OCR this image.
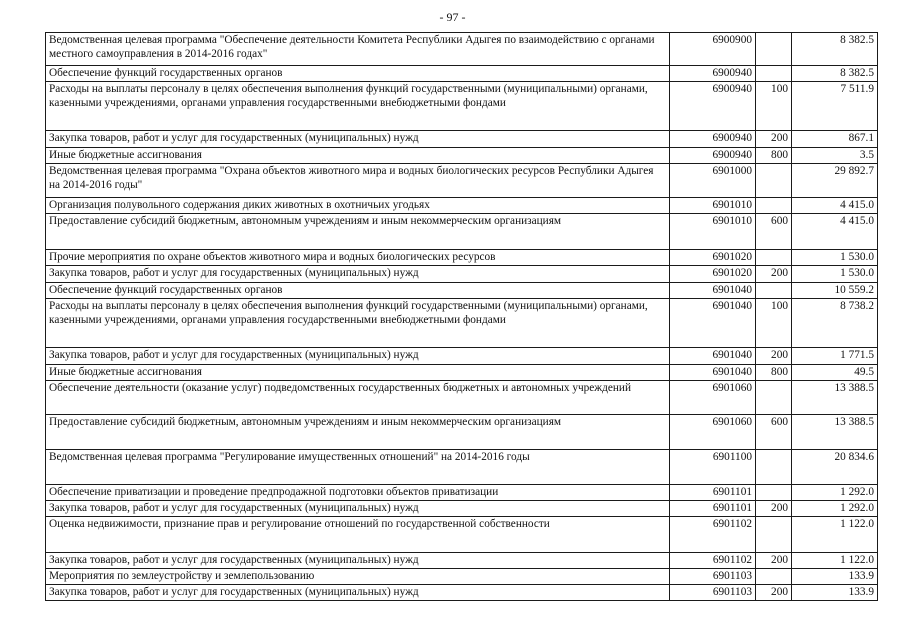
- 97 -
Ведомственная целевая программа "Обеспечение деятельности Комитета Республики Адыгея по взаимодействию с органами местного самоуправления в 2014-2016 годах"	6900900		8 382.5
Обеспечение функций государственных органов	6900940		8 382.5
Расходы на выплаты персоналу в целях обеспечения выполнения функций государственными (муниципальными) органами, казенными учреждениями, органами управления государственными внебюджетными фондами	6900940	100	7 511.9
Закупка товаров, работ и услуг для государственных (муниципальных) нужд	6900940	200	867.1
Иные бюджетные ассигнования	6900940	800	3.5
Ведомственная целевая программа "Охрана объектов животного мира и водных биологических ресурсов Республики Адыгея на 2014-2016 годы"	6901000		29 892.7
Организация полувольного содержания диких животных в охотничьих угодьях	6901010		4 415.0
Предоставление субсидий бюджетным, автономным учреждениям и иным некоммерческим организациям	6901010	600	4 415.0
Прочие мероприятия по охране объектов животного мира и водных биологических ресурсов	6901020		1 530.0
Закупка товаров, работ и услуг для государственных (муниципальных) нужд	6901020	200	1 530.0
Обеспечение функций государственных органов	6901040		10 559.2
Расходы на выплаты персоналу в целях обеспечения выполнения функций государственными (муниципальными) органами, казенными учреждениями, органами управления государственными внебюджетными фондами	6901040	100	8 738.2
Закупка товаров, работ и услуг для государственных (муниципальных) нужд	6901040	200	1 771.5
Иные бюджетные ассигнования	6901040	800	49.5
Обеспечение деятельности (оказание услуг) подведомственных государственных бюджетных и автономных учреждений	6901060		13 388.5
Предоставление субсидий бюджетным, автономным учреждениям и иным некоммерческим организациям	6901060	600	13 388.5
Ведомственная целевая программа "Регулирование имущественных отношений" на 2014-2016 годы	6901100		20 834.6
Обеспечение приватизации и проведение предпродажной подготовки объектов приватизации	6901101		1 292.0
Закупка товаров, работ и услуг для государственных (муниципальных) нужд	6901101	200	1 292.0
Оценка недвижимости, признание прав и регулирование отношений по государственной собственности	6901102		1 122.0
Закупка товаров, работ и услуг для государственных (муниципальных) нужд	6901102	200	1 122.0
Мероприятия по землеустройству и землепользованию	6901103		133.9
Закупка товаров, работ и услуг для государственных (муниципальных) нужд	6901103	200	133.9
